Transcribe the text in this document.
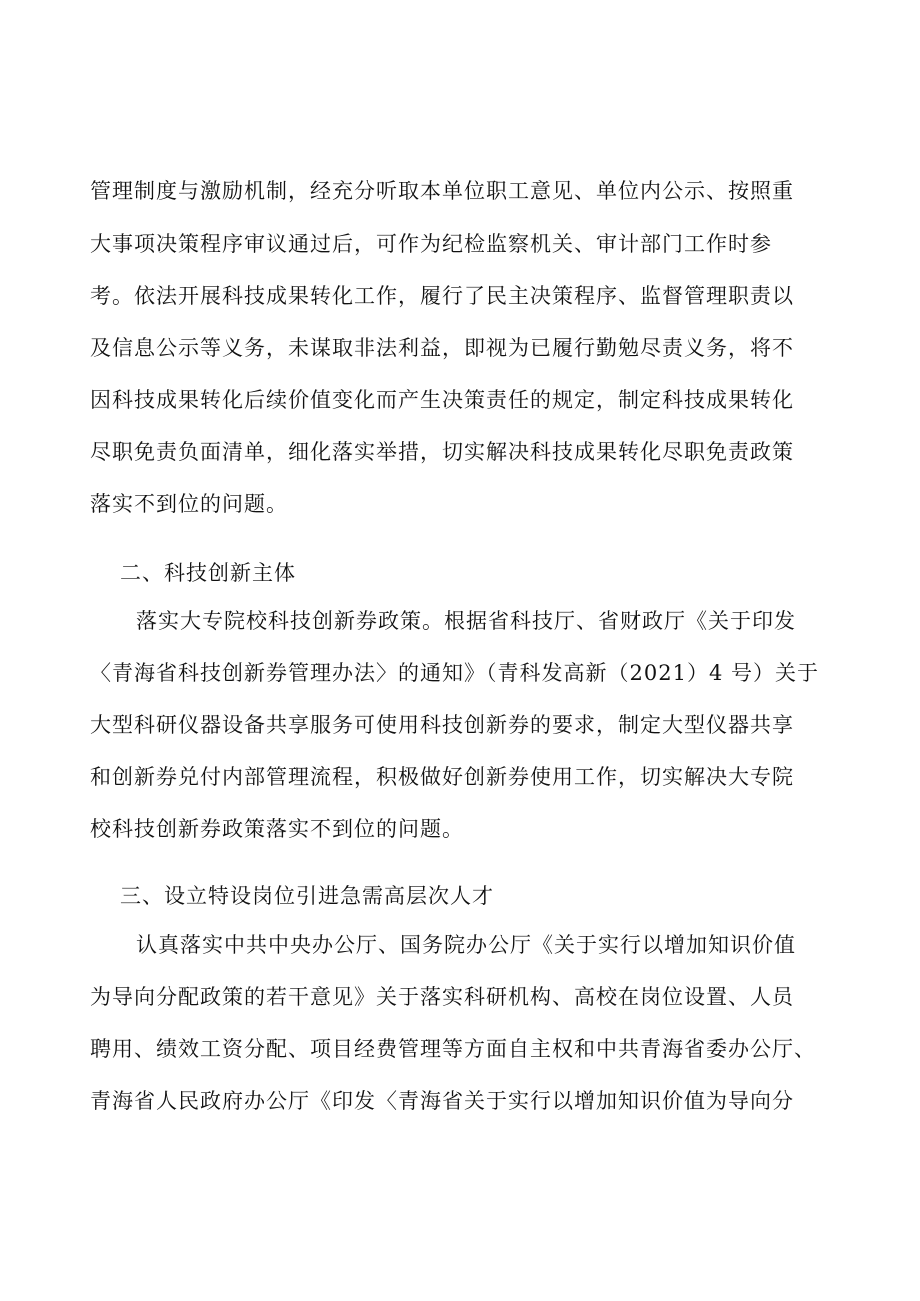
管理制度与激励机制，经充分听取本单位职工意见、单位内公示、按照重
大事项决策程序审议通过后，可作为纪检监察机关、审计部门工作时参
考。依法开展科技成果转化工作，履行了民主决策程序、监督管理职责以
及信息公示等义务，未谋取非法利益，即视为已履行勤勉尽责义务，将不
因科技成果转化后续价值变化而产生决策责任的规定，制定科技成果转化
尽职免责负面清单，细化落实举措，切实解决科技成果转化尽职免责政策
落实不到位的问题。
二、科技创新主体
落实大专院校科技创新券政策。根据省科技厅、省财政厅《关于印发
〈青海省科技创新券管理办法〉的通知》（青科发高新（2021）4 号）关于
大型科研仪器设备共享服务可使用科技创新券的要求，制定大型仪器共享
和创新券兑付内部管理流程，积极做好创新券使用工作，切实解决大专院
校科技创新券政策落实不到位的问题。
三、设立特设岗位引进急需高层次人才
认真落实中共中央办公厅、国务院办公厅《关于实行以增加知识价值
为导向分配政策的若干意见》关于落实科研机构、高校在岗位设置、人员
聘用、绩效工资分配、项目经费管理等方面自主权和中共青海省委办公厅、
青海省人民政府办公厅《印发〈青海省关于实行以增加知识价值为导向分
